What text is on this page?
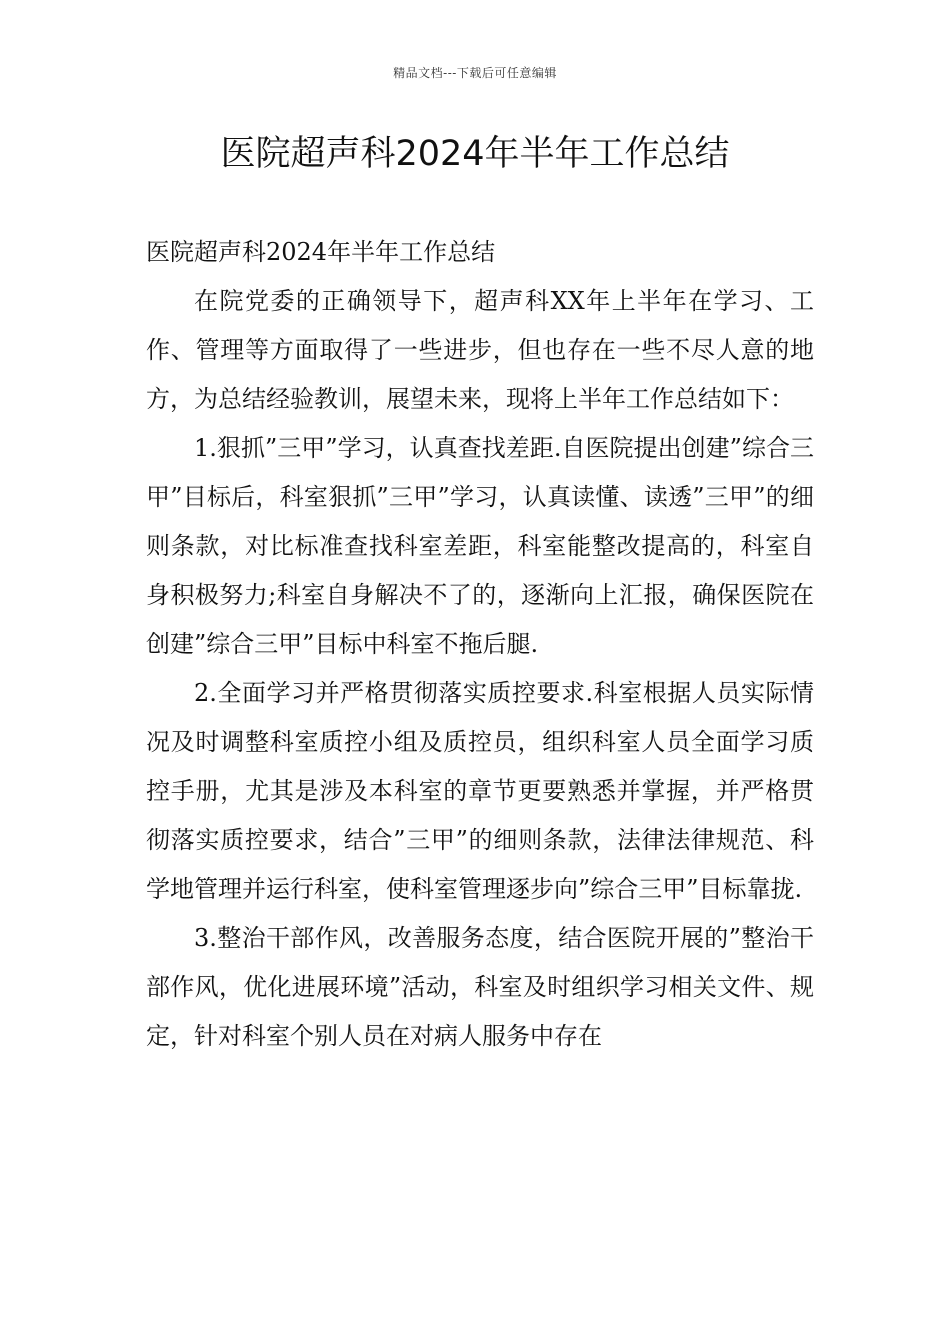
精品文档---下载后可任意编辑
医院超声科2024年半年工作总结

医院超声科2024年半年工作总结

在院党委的正确领导下，超声科XX年上半年在学习、工作、管理等方面取得了一些进步，但也存在一些不尽人意的地方，为总结经验教训，展望未来，现将上半年工作总结如下：

1.狠抓”三甲”学习，认真查找差距.自医院提出创建”综合三甲”目标后，科室狠抓”三甲”学习，认真读懂、读透”三甲”的细则条款，对比标准查找科室差距，科室能整改提高的，科室自身积极努力;科室自身解决不了的，逐渐向上汇报，确保医院在创建”综合三甲”目标中科室不拖后腿.

2.全面学习并严格贯彻落实质控要求.科室根据人员实际情况及时调整科室质控小组及质控员，组织科室人员全面学习质控手册，尤其是涉及本科室的章节更要熟悉并掌握，并严格贯彻落实质控要求，结合”三甲”的细则条款，法律法律规范、科学地管理并运行科室，使科室管理逐步向”综合三甲”目标靠拢.

3.整治干部作风，改善服务态度，结合医院开展的”整治干部作风，优化进展环境”活动，科室及时组织学习相关文件、规定，针对科室个别人员在对病人服务中存在
